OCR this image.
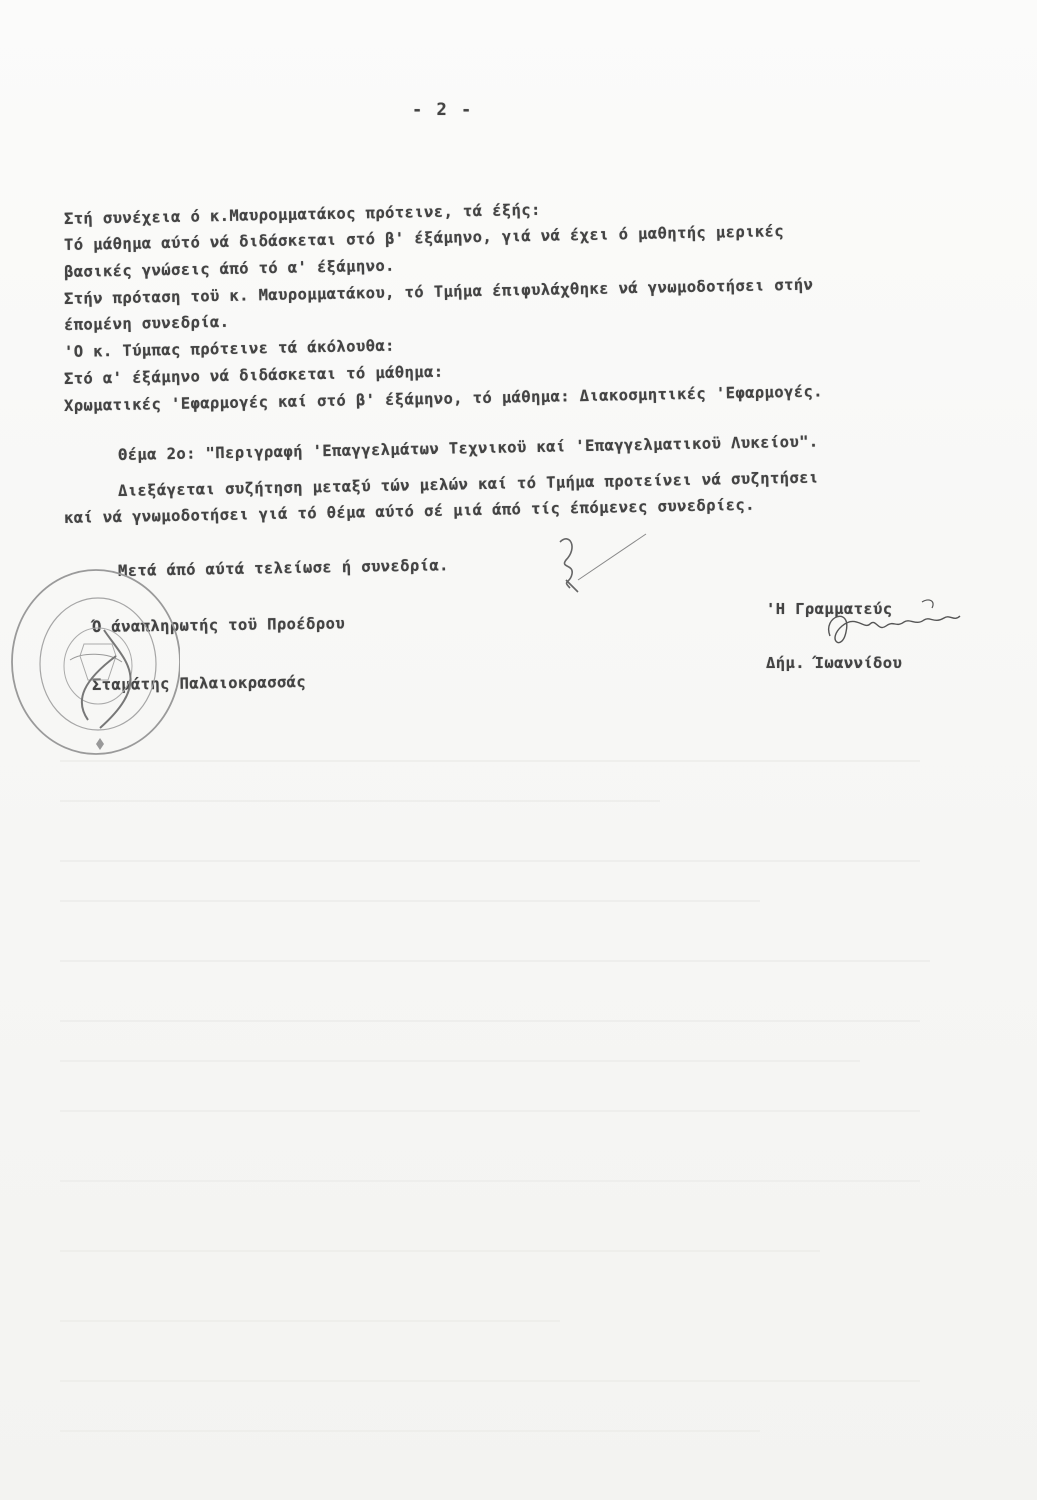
- 2 -
Στή συνέχεια ό κ.Μαυρομματάκος πρότεινε, τά έξής:
Τό μάθημα αύτό νά διδάσκεται στό β' έξάμηνο, γιά νά έχει ό μαθητής μερικές
βασικές γνώσεις άπό τό α' έξάμηνο.
Στήν πρόταση τοϋ κ. Μαυρομματάκου, τό Τμήμα έπιφυλάχθηκε νά γνωμοδοτήσει στήν
έπομένη συνεδρία.
'Ο κ. Τύμπας πρότεινε τά άκόλουθα:
Στό α' έξάμηνο νά διδάσκεται τό μάθημα:
Χρωματικές 'Εφαρμογές καί στό β' έξάμηνο, τό μάθημα: Διακοσμητικές 'Εφαρμογές.
Θέμα 2ο: "Περιγραφή 'Επαγγελμάτων Τεχνικοϋ καί 'Επαγγελματικοϋ Λυκείου".
Διεξάγεται συζήτηση μεταξύ τών μελών καί τό Τμήμα προτείνει νά συζητήσει
καί νά γνωμοδοτήσει γιά τό θέμα αύτό σέ μιά άπό τίς έπόμενες συνεδρίες.
Μετά άπό αύτά τελείωσε ή συνεδρία.
Ό άναπληρωτής τοϋ Προέδρου
Σταμάτης Παλαιοκρασσάς
'Η Γραμματεύς
Δήμ. Ίωαννίδου
